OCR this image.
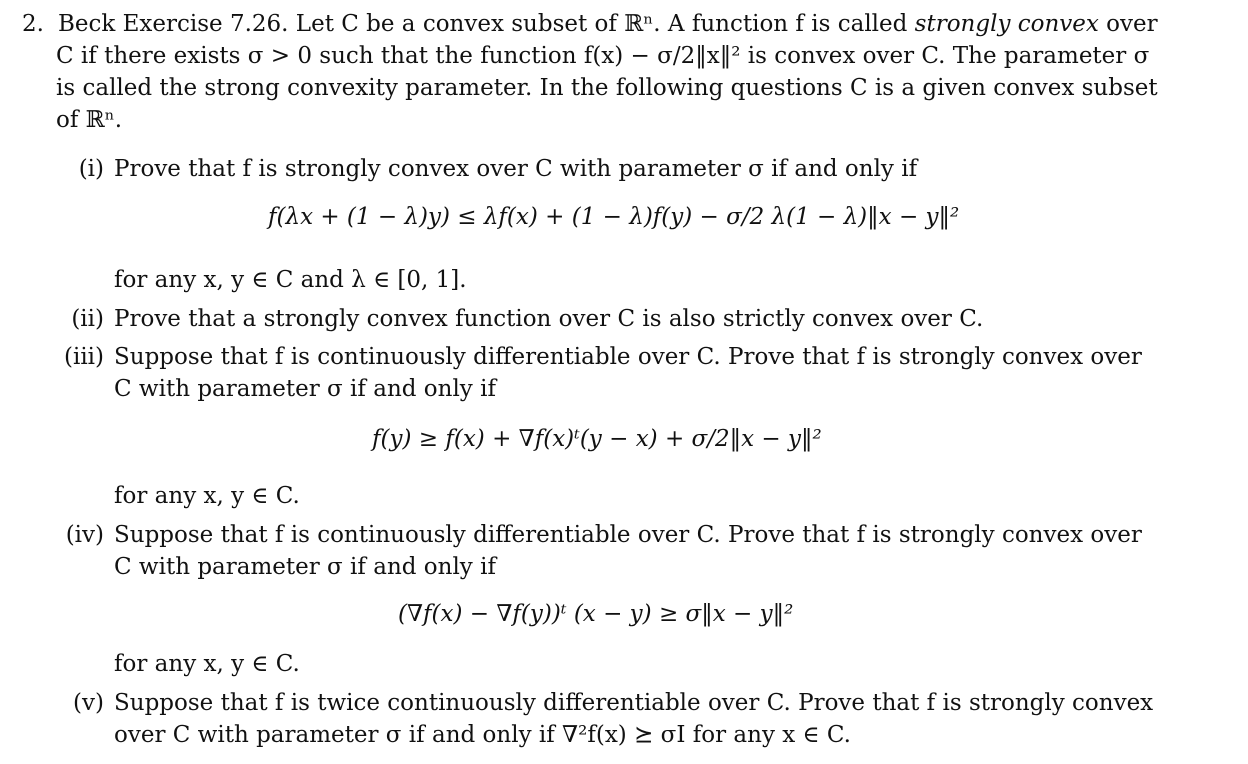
2. Beck Exercise 7.26. Let C be a convex subset of ℝⁿ. A function f is called strongly convex over
C if there exists σ > 0 such that the function f(x) − σ/2‖x‖² is convex over C. The parameter σ
is called the strong convexity parameter. In the following questions C is a given convex subset
of ℝⁿ.
(i) Prove that f is strongly convex over C with parameter σ if and only if
f(λx + (1 − λ)y) ≤ λf(x) + (1 − λ)f(y) − σ/2 λ(1 − λ)‖x − y‖²
for any x, y ∈ C and λ ∈ [0, 1].
(ii) Prove that a strongly convex function over C is also strictly convex over C.
(iii) Suppose that f is continuously differentiable over C. Prove that f is strongly convex over
C with parameter σ if and only if
f(y) ≥ f(x) + ∇f(x)ᵗ(y − x) + σ/2‖x − y‖²
for any x, y ∈ C.
(iv) Suppose that f is continuously differentiable over C. Prove that f is strongly convex over
C with parameter σ if and only if
(∇f(x) − ∇f(y))ᵗ (x − y) ≥ σ‖x − y‖²
for any x, y ∈ C.
(v) Suppose that f is twice continuously differentiable over C. Prove that f is strongly convex
over C with parameter σ if and only if ∇²f(x) ⪰ σI for any x ∈ C.
